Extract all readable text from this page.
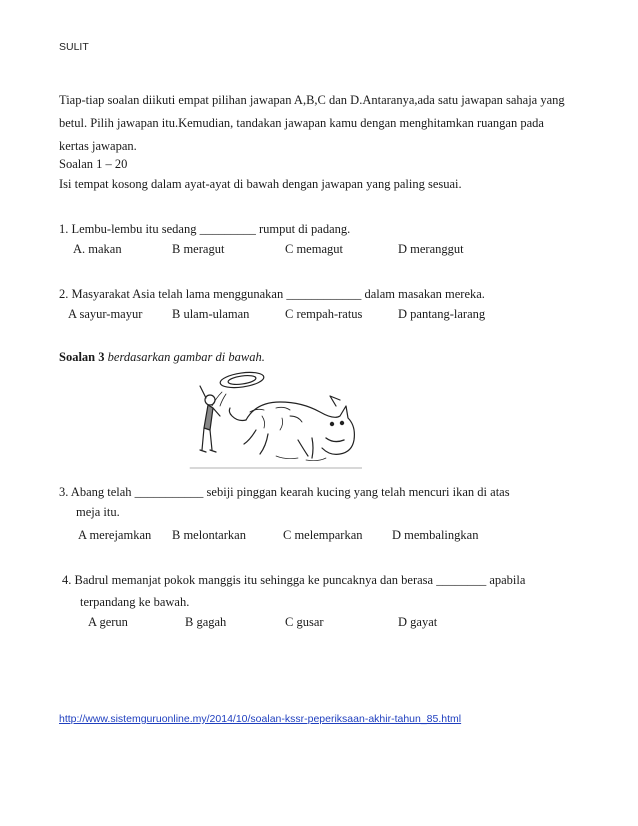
SULIT
Tiap-tiap soalan diikuti empat pilihan jawapan A,B,C dan D.Antaranya,ada satu jawapan sahaja yang
betul. Pilih jawapan itu.Kemudian, tandakan jawapan kamu dengan menghitamkan ruangan pada
kertas jawapan.
Soalan 1 – 20
Isi tempat kosong dalam ayat-ayat di bawah dengan jawapan yang paling sesuai.
1. Lembu-lembu itu sedang _________ rumput di padang.
A. makan	B meragut	C memagut	D meranggut
2. Masyarakat Asia telah lama menggunakan ____________ dalam masakan mereka.
A sayur-mayur B ulam-ulaman	C rempah-ratus	D pantang-larang
Soalan 3 berdasarkan gambar di bawah.
3. Abang telah ___________ sebiji pinggan kearah kucing yang telah mencuri ikan di atas
meja itu.
A merejamkan B melontarkan	C melemparkan D membalingkan
4. Badrul memanjat pokok manggis itu sehingga ke puncaknya dan berasa ________ apabila
terpandang ke bawah.
A gerun	B gagah	C gusar	D gayat
http://www.sistemguruonline.my/2014/10/soalan-kssr-peperiksaan-akhir-tahun_85.html
